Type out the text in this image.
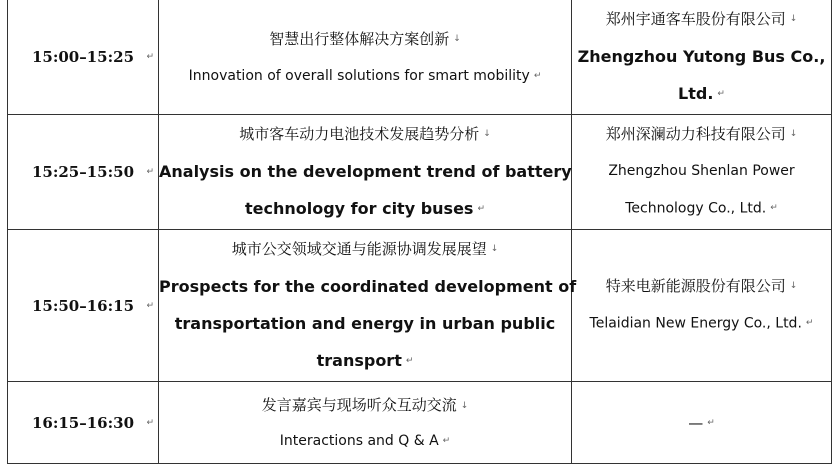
15:00–15:25 ↵	智慧出行整体解决方案创新 ↓
Innovation of overall solutions for smart mobility ↵	郑州宇通客车股份有限公司 ↓
Zhengzhou Yutong Bus Co.,
Ltd. ↵

15:25–15:50 ↵	城市客车动力电池技术发展趋势分析 ↓
Analysis on the development trend of battery
technology for city buses ↵	郑州深澜动力科技有限公司 ↓
Zhengzhou Shenlan Power
Technology Co., Ltd. ↵

15:50–16:15 ↵	城市公交领域交通与能源协调发展展望 ↓
Prospects for the coordinated development of
transportation and energy in urban public
transport ↵	特来电新能源股份有限公司 ↓
Telaidian New Energy Co., Ltd. ↵

16:15–16:30 ↵	发言嘉宾与现场听众互动交流 ↓
Interactions and Q & A ↵	— ↵
